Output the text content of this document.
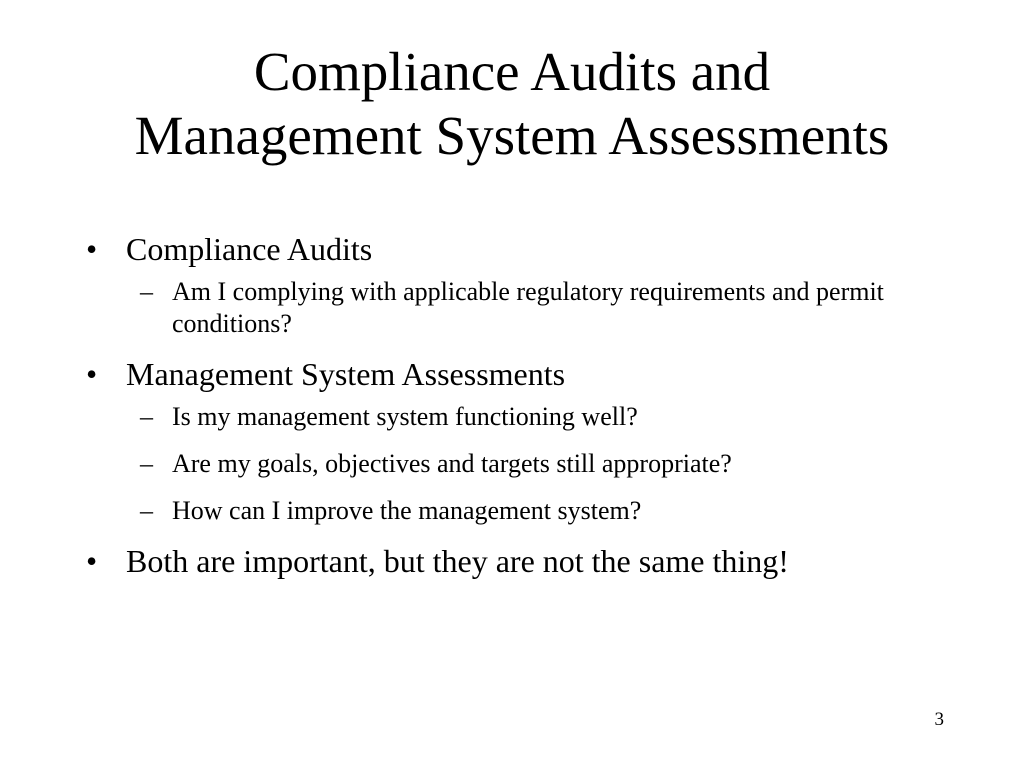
Compliance Audits and
Management System Assessments
• Compliance Audits
– Am I complying with applicable regulatory requirements and permit conditions?
• Management System Assessments
– Is my management system functioning well?
– Are my goals, objectives and targets still appropriate?
– How can I improve the management system?
• Both are important, but they are not the same thing!
3
